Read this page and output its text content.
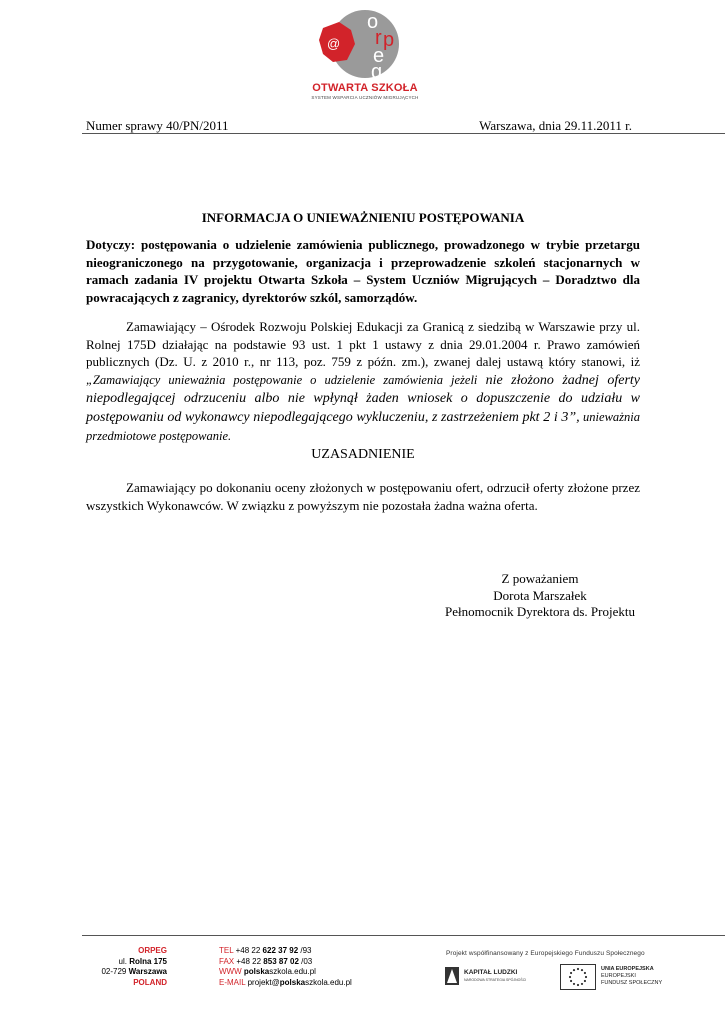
@
o
r p
e
g
OTWARTA SZKOŁA
SYSTEM WSPARCIA UCZNIÓW MIGRUJĄCYCH
Numer sprawy 40/PN/2011	Warszawa, dnia 29.11.2011 r.
INFORMACJA O UNIEWAŻNIENIU POSTĘPOWANIA
Dotyczy: postępowania o udzielenie zamówienia publicznego, prowadzonego w trybie przetargu nieograniczonego na przygotowanie, organizacja i przeprowadzenie szkoleń stacjonarnych w ramach zadania IV projektu Otwarta Szkoła – System Uczniów Migrujących – Doradztwo dla powracających z zagranicy, dyrektorów szkól, samorządów.
Zamawiający – Ośrodek Rozwoju Polskiej Edukacji za Granicą z siedzibą w Warszawie przy ul. Rolnej 175D działając na podstawie 93 ust. 1 pkt 1 ustawy z dnia 29.01.2004 r. Prawo zamówień publicznych (Dz. U. z 2010 r., nr 113, poz. 759 z późn. zm.), zwanej dalej ustawą który stanowi, iż „Zamawiający unieważnia postępowanie o udzielenie zamówienia jeżeli nie złożono żadnej oferty niepodlegającej odrzuceniu albo nie wpłynął żaden wniosek o dopuszczenie do udziału w postępowaniu od wykonawcy niepodlegającego wykluczeniu, z zastrzeżeniem pkt 2 i 3”, unieważnia przedmiotowe postępowanie.
UZASADNIENIE
Zamawiający po dokonaniu oceny złożonych w postępowaniu ofert, odrzucił oferty złożone przez wszystkich Wykonawców. W związku z powyższym nie pozostała żadna ważna oferta.
Z poważaniem
Dorota Marszałek
Pełnomocnik Dyrektora ds. Projektu
ORPEG
ul. Rolna 175
02-729 Warszawa
POLAND
TEL +48 22 622 37 92 /93
FAX +48 22 853 87 02 /03
WWW polskaszkola.edu.pl
E-MAIL projekt@polskaszkola.edu.pl
Projekt współfinansowany z Europejskiego Funduszu Społecznego
KAPITAŁ LUDZKI
NARODOWA STRATEGIA SPÓJNOŚCI
UNIA EUROPEJSKA
EUROPEJSKI
FUNDUSZ SPOŁECZNY
